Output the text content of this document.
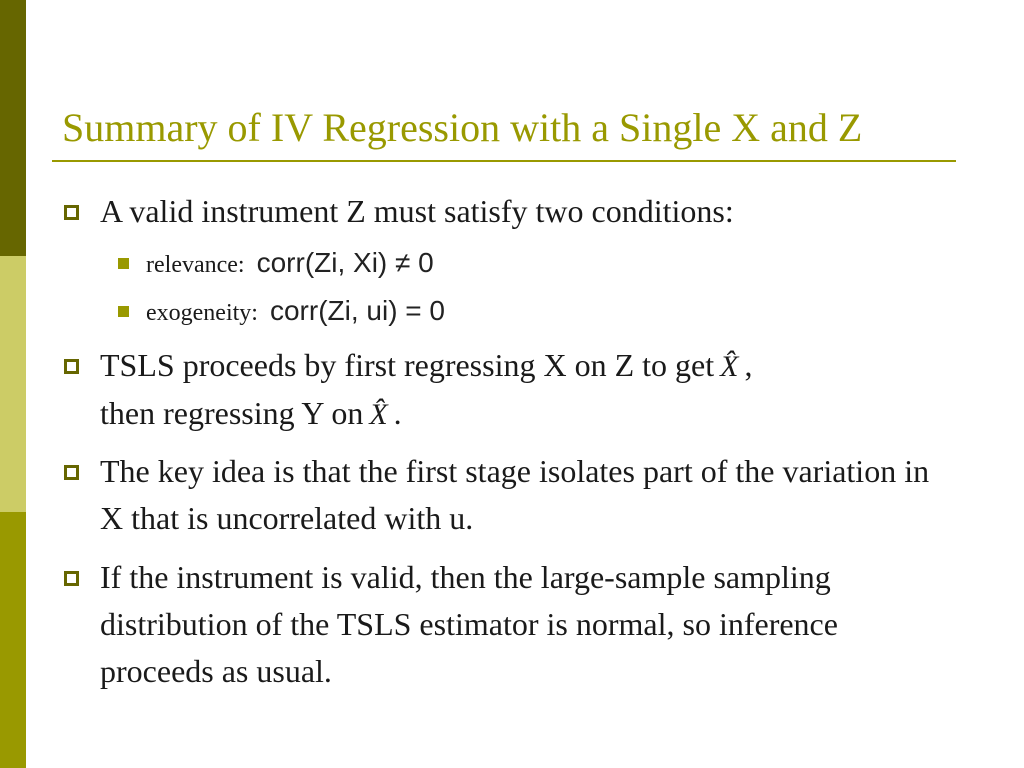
Summary of IV Regression with a Single X and Z
A valid instrument Z must satisfy two conditions:
relevance: corr(Zi, Xi) ≠ 0
exogeneity: corr(Zi, ui) = 0
TSLS proceeds by first regressing X on Z to get X̂ ,
then regressing Y on X̂ .
The key idea is that the first stage isolates part of the variation in X that is uncorrelated with u.
If the instrument is valid, then the large-sample sampling distribution of the TSLS estimator is normal, so inference proceeds as usual.
